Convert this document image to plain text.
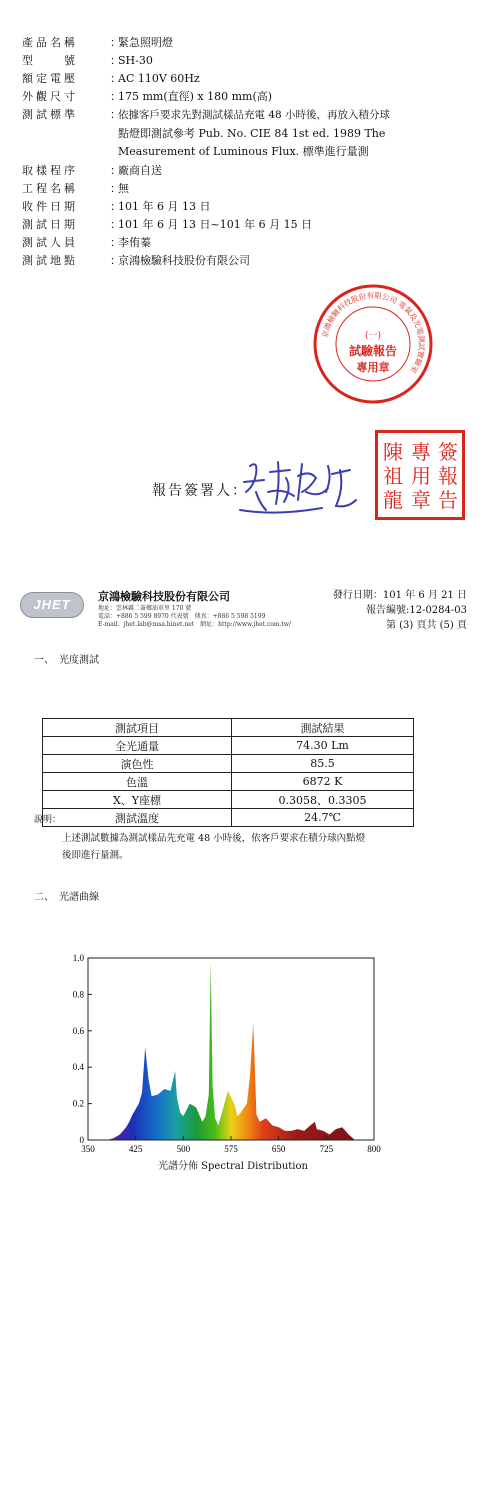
產品名稱	：緊急照明燈
型　　號	：SH-30
額定電壓	：AC 110V 60Hz
外觀尺寸	：175 mm(直徑) x 180 mm(高)
測試標準	：依據客戶要求先對測試樣品充電 48 小時後，再放入積分球
點燈即測試參考 Pub. No. CIE 84 1st ed. 1989 The
Measurement of Luminous Flux. 標準進行量測
取樣程序	：廠商自送
工程名稱	：無
收件日期	：101 年 6 月 13 日
測試日期	：101 年 6 月 13 日~101 年 6 月 15 日
測試人員	：李侑蓁
測試地點	：京鴻檢驗科技股份有限公司
京鴻檢驗科技股份有限公司 電氣及光電測試實驗室
(一)
試驗報告
專用章
簽
報
告
專
用
章
陳
祖
龍
報告簽署人：
JHET
京鴻檢驗科技股份有限公司
地址：雲林縣二崙鄉油車里 170 號
電話：+886 5 599 8970 代表號　傳真：+886 5 598 5199
E-mail：jhet.lab@msa.hinet.net　網址：http://www.jhet.com.tw/
發行日期：101 年 6 月 21 日
報告編號:12-0284-03
第 (3) 頁共 (5) 頁
一、　光度測試
測試項目	測試結果
全光通量	74.30 Lm
演色性	85.5
色溫	6872 K
X、Y座標	0.3058、0.3305
測試溫度	24.7℃
說明：
上述測試數據為測試樣品先充電 48 小時後，依客戶要求在積分球內點燈
後即進行量測。
二、　光譜曲線
0
0.2
0.4
0.6
0.8
1.0
350	425	500	575	650	725	800
光譜分佈 Spectral Distribution
